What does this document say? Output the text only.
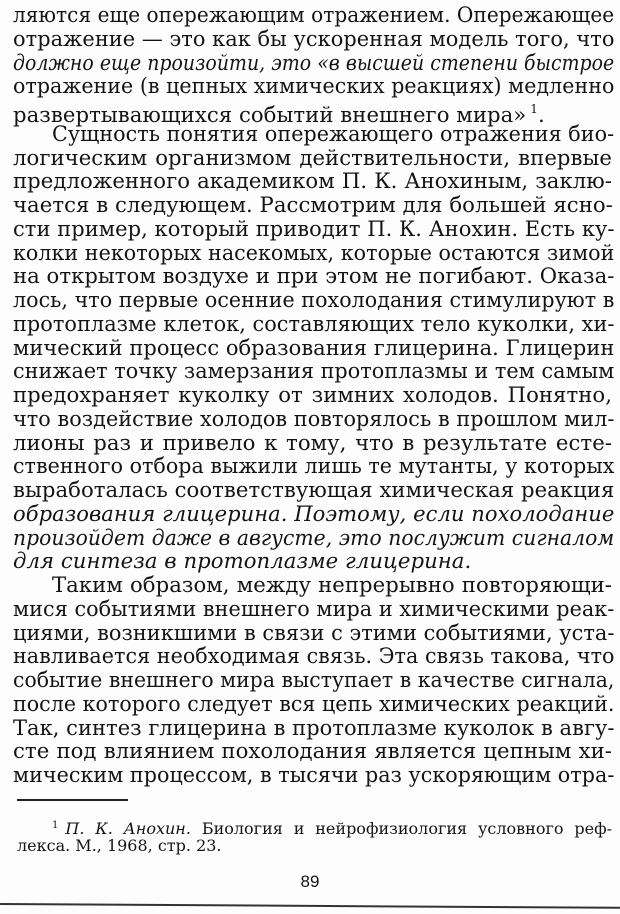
ляются еще опережающим отражением. Опережающее
отражение — это как бы ускоренная модель того, что
должно еще произойти, это «в высшей степени быстрое
отражение (в цепных химических реакциях) медленно
развертывающихся событий внешнего мира» $^1$.
Сущность понятия опережающего отражения био-
логическим организмом действительности, впервые
предложенного академиком П. К. Анохиным, заклю-
чается в следующем. Рассмотрим для большей ясно-
сти пример, который приводит П. К. Анохин. Есть ку-
колки некоторых насекомых, которые остаются зимой
на открытом воздухе и при этом не погибают. Оказа-
лось, что первые осенние похолодания стимулируют в
протоплазме клеток, составляющих тело куколки, хи-
мический процесс образования глицерина. Глицерин
снижает точку замерзания протоплазмы и тем самым
предохраняет куколку от зимних холодов. Понятно,
что воздействие холодов повторялось в прошлом мил-
лионы раз и привело к тому, что в результате есте-
ственного отбора выжили лишь те мутанты, у которых
выработалась соответствующая химическая реакция
образования глицерина. Поэтому, если похолодание
произойдет даже в августе, это послужит сигналом
для синтеза в протоплазме глицерина.
Таким образом, между непрерывно повторяющи-
мися событиями внешнего мира и химическими реак-
циями, возникшими в связи с этими событиями, уста-
навливается необходимая связь. Эта связь такова, что
событие внешнего мира выступает в качестве сигнала,
после которого следует вся цепь химических реакций.
Так, синтез глицерина в протоплазме куколок в авгу-
сте под влиянием похолодания является цепным хи-
мическим процессом, в тысячи раз ускоряющим отра-
$^1$ П. К. Анохин. Биология и нейрофизиология условного реф-
лекса. М., 1968, стр. 23.
89
